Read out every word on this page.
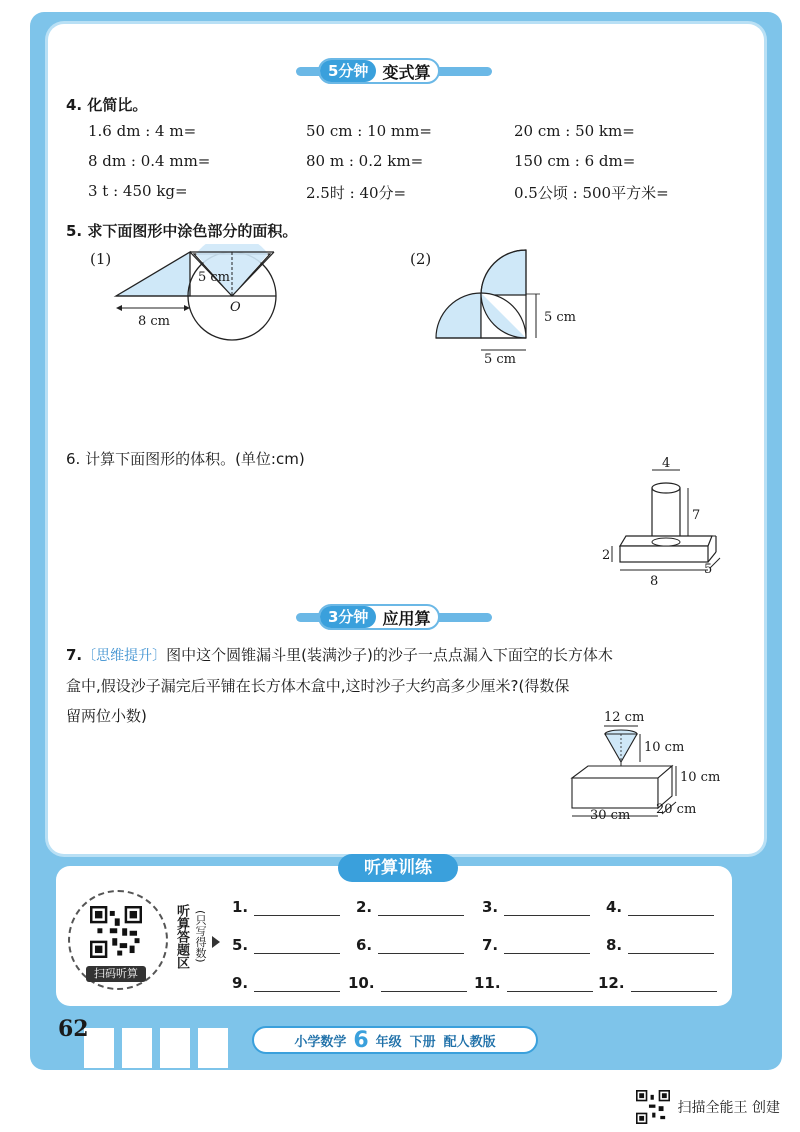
5分钟 变式算
4. 化简比。
1.6 dm : 4 m=	50 cm : 10 mm=	20 cm : 50 km=
8 dm : 0.4 mm=	80 m : 0.2 km=	150 cm : 6 dm=
3 t : 450 kg=	2.5时 : 40分=	0.5公顷 : 500平方米=
5. 求下面图形中涂色部分的面积。
(1)
5 cm
8 cm
O
(2)
5 cm
5 cm
6. 计算下面图形的体积。(单位:cm)	4
7
2
8
5
3分钟 应用算
7.〔思维提升〕图中这个圆锥漏斗里(装满沙子)的沙子一点点漏入下面空的长方体木
盒中,假设沙子漏完后平铺在长方体木盒中,这时沙子大约高多少厘米?(得数保
留两位小数)	12 cm
10 cm
10 cm
30 cm 20 cm
听算训练
扫码听算
听算答题区 (只写得数)
1.	2.	3.	4.
5.	6.	7.	8.
9.	10.	11.	12.
62	小学数学 6 年级 下册 配人教版
扫描全能王 创建
